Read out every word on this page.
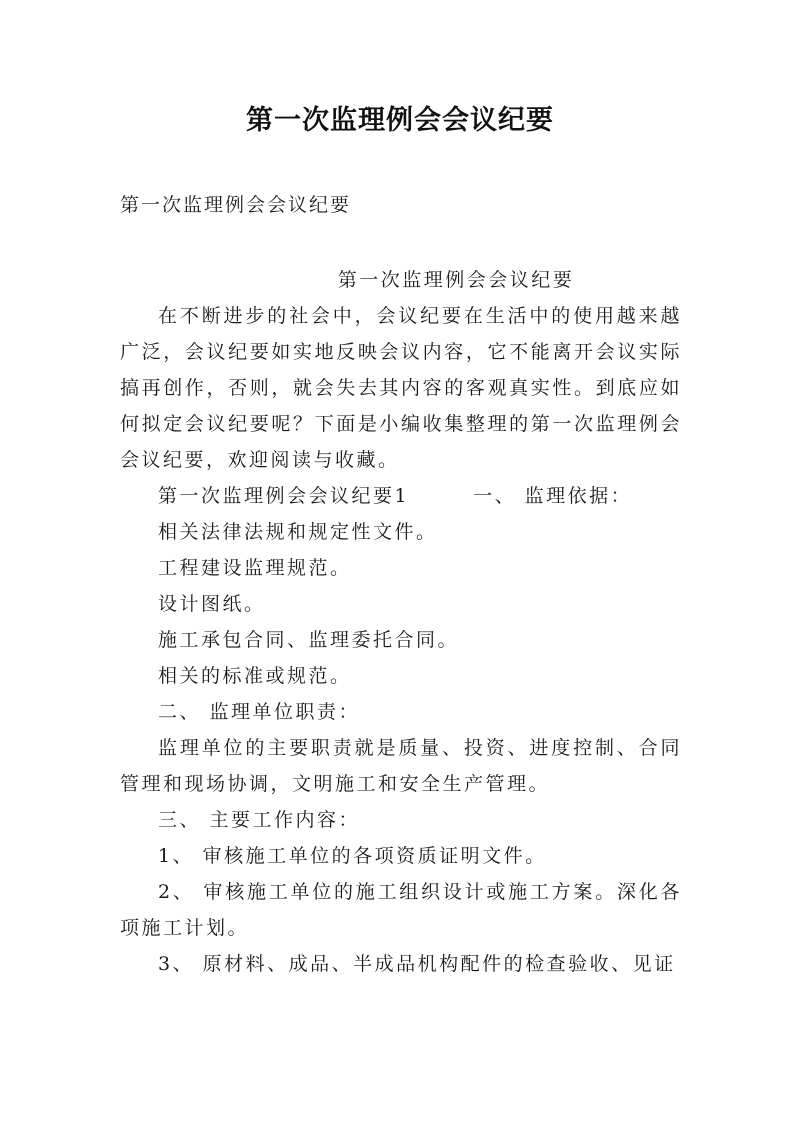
第一次监理例会会议纪要
第一次监理例会会议纪要

第一次监理例会会议纪要

在不断进步的社会中，会议纪要在生活中的使用越来越广泛，会议纪要如实地反映会议内容，它不能离开会议实际搞再创作，否则，就会失去其内容的客观真实性。到底应如何拟定会议纪要呢？下面是小编收集整理的第一次监理例会会议纪要，欢迎阅读与收藏。

第一次监理例会会议纪要1	一、 监理依据：

相关法律法规和规定性文件。

工程建设监理规范。

设计图纸。

施工承包合同、监理委托合同。

相关的标准或规范。

二、 监理单位职责：

监理单位的主要职责就是质量、投资、进度控制、合同管理和现场协调，文明施工和安全生产管理。

三、 主要工作内容：

1、 审核施工单位的各项资质证明文件。

2、 审核施工单位的施工组织设计或施工方案。深化各项施工计划。

3、 原材料、成品、半成品机构配件的检查验收、见证
